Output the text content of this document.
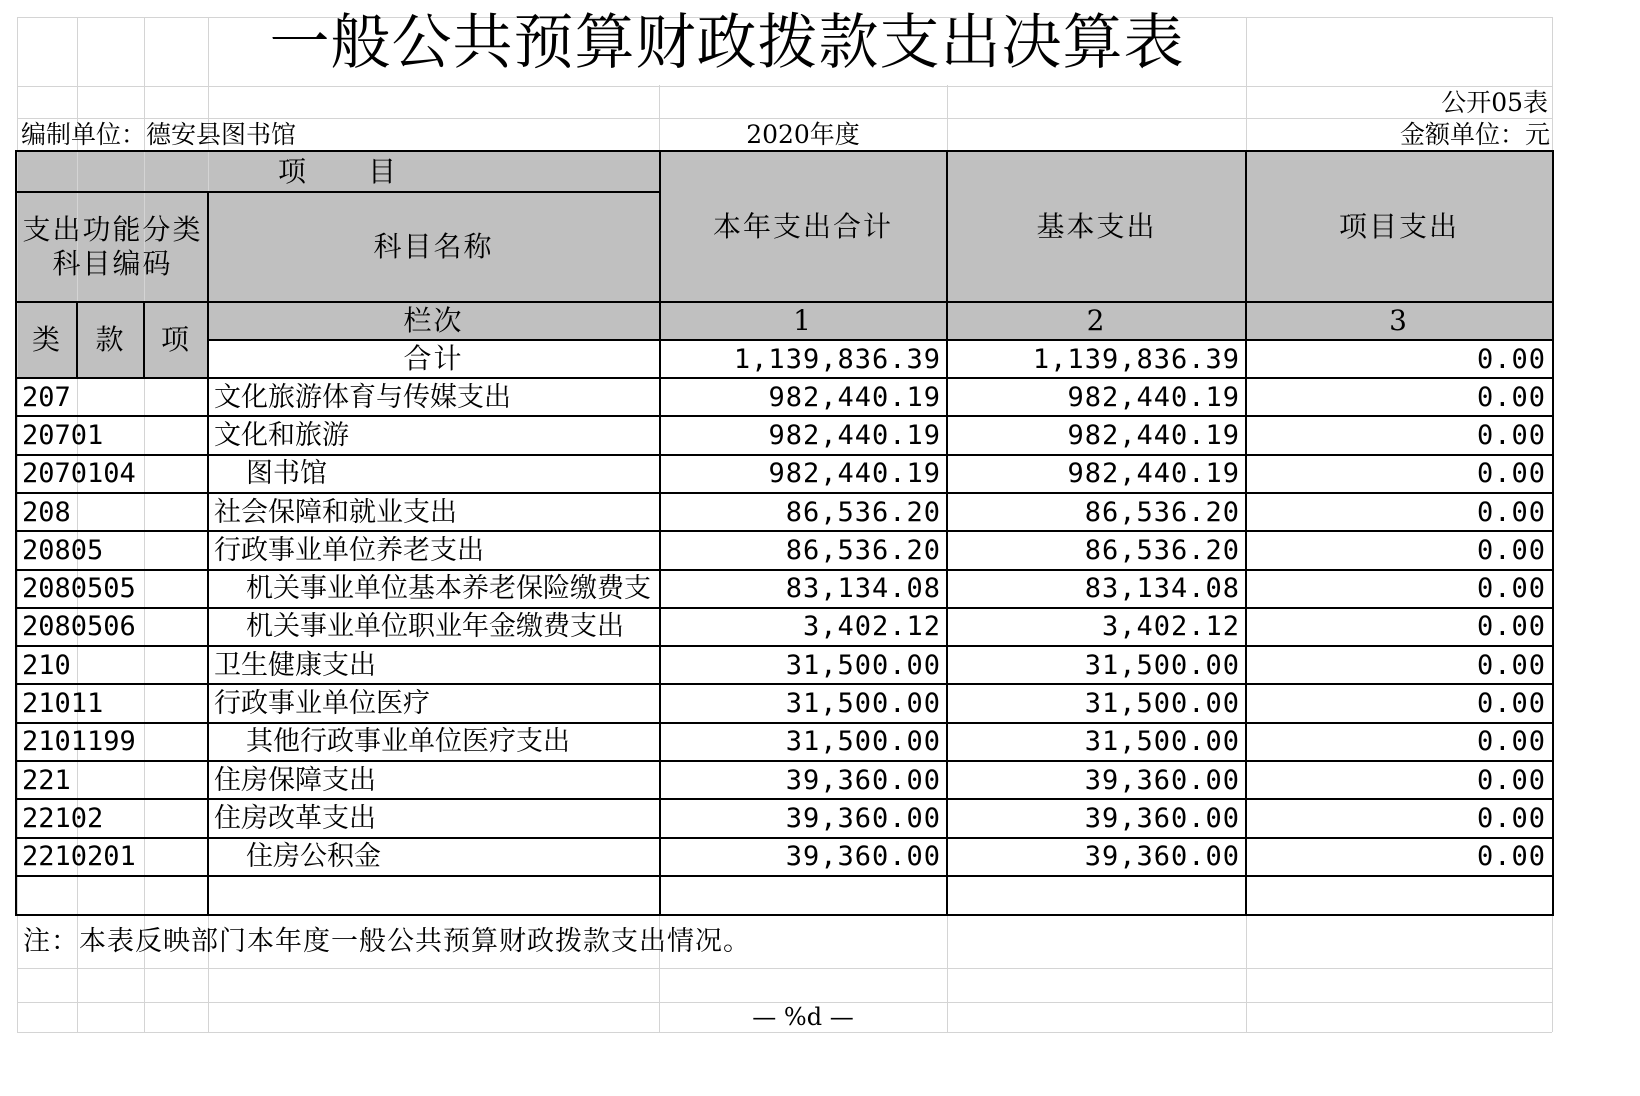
一般公共预算财政拨款支出决算表
公开05表
编制单位：德安县图书馆	2020年度	金额单位：元
项　　目
支出功能分类
科目编码
科目名称
本年支出合计	基本支出	项目支出
类	款	项
栏次	1	2	3
合计	1,139,836.39	1,139,836.39	0.00
207	文化旅游体育与传媒支出	982,440.19	982,440.19	0.00
20701	文化和旅游	982,440.19	982,440.19	0.00
2070104	图书馆	982,440.19	982,440.19	0.00
208	社会保障和就业支出	86,536.20	86,536.20	0.00
20805	行政事业单位养老支出	86,536.20	86,536.20	0.00
2080505	机关事业单位基本养老保险缴费支	83,134.08	83,134.08	0.00
2080506	机关事业单位职业年金缴费支出	3,402.12	3,402.12	0.00
210	卫生健康支出	31,500.00	31,500.00	0.00
21011	行政事业单位医疗	31,500.00	31,500.00	0.00
2101199	其他行政事业单位医疗支出	31,500.00	31,500.00	0.00
221	住房保障支出	39,360.00	39,360.00	0.00
22102	住房改革支出	39,360.00	39,360.00	0.00
2210201	住房公积金	39,360.00	39,360.00	0.00
注：本表反映部门本年度一般公共预算财政拨款支出情况。
— %d —
